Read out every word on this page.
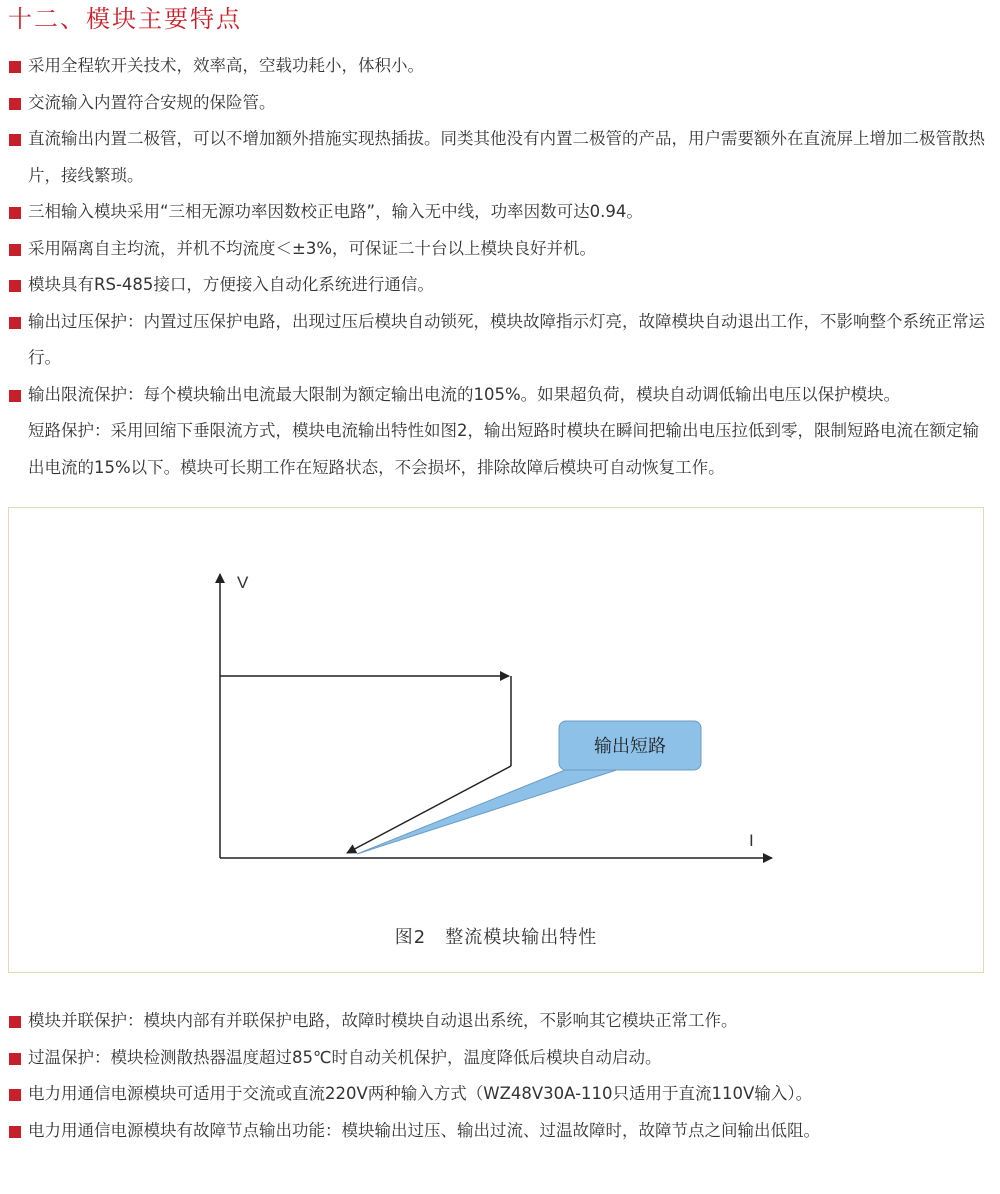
十二、模块主要特点
采用全程软开关技术，效率高，空载功耗小，体积小。
交流输入内置符合安规的保险管。
直流输出内置二极管，可以不增加额外措施实现热插拔。同类其他没有内置二极管的产品，用户需要额外在直流屏上增加二极管散热片，接线繁琐。
三相输入模块采用“三相无源功率因数校正电路”，输入无中线，功率因数可达0.94。
采用隔离自主均流，并机不均流度＜±3%，可保证二十台以上模块良好并机。
模块具有RS-485接口，方便接入自动化系统进行通信。
输出过压保护：内置过压保护电路，出现过压后模块自动锁死，模块故障指示灯亮，故障模块自动退出工作，不影响整个系统正常运行。
输出限流保护：每个模块输出电流最大限制为额定输出电流的105%。如果超负荷，模块自动调低输出电压以保护模块。
短路保护：采用回缩下垂限流方式，模块电流输出特性如图2，输出短路时模块在瞬间把输出电压拉低到零，限制短路电流在额定输出电流的15%以下。模块可长期工作在短路状态，不会损坏，排除故障后模块可自动恢复工作。
V
I
输出短路
图2　整流模块输出特性
模块并联保护：模块内部有并联保护电路，故障时模块自动退出系统，不影响其它模块正常工作。
过温保护：模块检测散热器温度超过85℃时自动关机保护，温度降低后模块自动启动。
电力用通信电源模块可适用于交流或直流220V两种输入方式（WZ48V30A-110只适用于直流110V输入）。
电力用通信电源模块有故障节点输出功能：模块输出过压、输出过流、过温故障时，故障节点之间输出低阻。
